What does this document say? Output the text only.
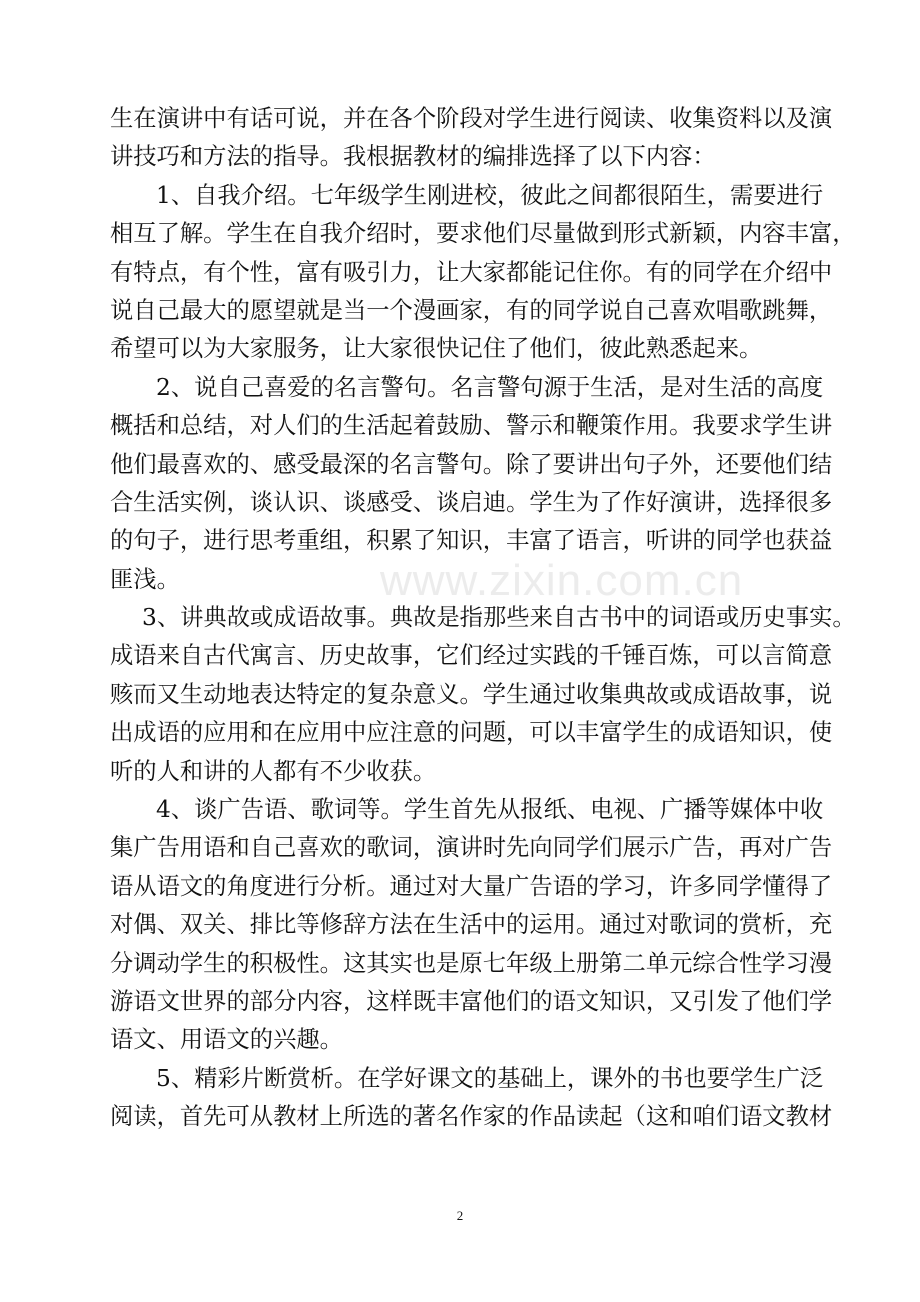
www.zixin.com.cn
生在演讲中有话可说，并在各个阶段对学生进行阅读、收集资料以及演
讲技巧和方法的指导。我根据教材的编排选择了以下内容：
1、自我介绍。七年级学生刚进校，彼此之间都很陌生，需要进行
相互了解。学生在自我介绍时，要求他们尽量做到形式新颖，内容丰富，
有特点，有个性，富有吸引力，让大家都能记住你。有的同学在介绍中
说自己最大的愿望就是当一个漫画家，有的同学说自己喜欢唱歌跳舞，
希望可以为大家服务，让大家很快记住了他们，彼此熟悉起来。
2、说自己喜爱的名言警句。名言警句源于生活，是对生活的高度
概括和总结，对人们的生活起着鼓励、警示和鞭策作用。我要求学生讲
他们最喜欢的、感受最深的名言警句。除了要讲出句子外，还要他们结
合生活实例，谈认识、谈感受、谈启迪。学生为了作好演讲，选择很多
的句子，进行思考重组，积累了知识，丰富了语言，听讲的同学也获益
匪浅。
3、讲典故或成语故事。典故是指那些来自古书中的词语或历史事实。
成语来自古代寓言、历史故事，它们经过实践的千锤百炼，可以言简意
赅而又生动地表达特定的复杂意义。学生通过收集典故或成语故事，说
出成语的应用和在应用中应注意的问题，可以丰富学生的成语知识，使
听的人和讲的人都有不少收获。
4、谈广告语、歌词等。学生首先从报纸、电视、广播等媒体中收
集广告用语和自己喜欢的歌词，演讲时先向同学们展示广告，再对广告
语从语文的角度进行分析。通过对大量广告语的学习，许多同学懂得了
对偶、双关、排比等修辞方法在生活中的运用。通过对歌词的赏析，充
分调动学生的积极性。这其实也是原七年级上册第二单元综合性学习漫
游语文世界的部分内容，这样既丰富他们的语文知识，又引发了他们学
语文、用语文的兴趣。
5、精彩片断赏析。在学好课文的基础上，课外的书也要学生广泛
阅读，首先可从教材上所选的著名作家的作品读起（这和咱们语文教材
2
